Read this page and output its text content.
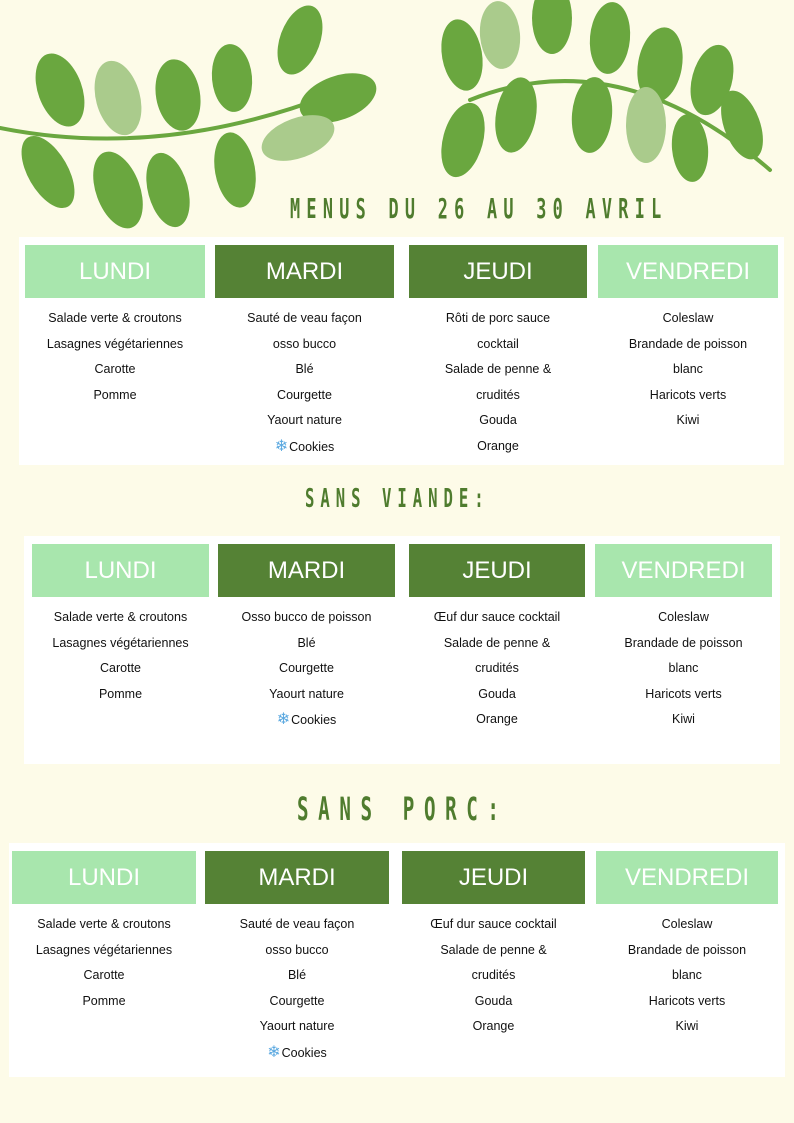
MENUS DU 26 AU 30 AVRIL
SANS VIANDE:
SANS PORC:
LUNDI
Salade verte & croutons
Lasagnes végétariennes
Carotte
Pomme
MARDI
Sauté de veau façon
osso bucco
Blé
Courgette
Yaourt nature
❄Cookies
JEUDI
Rôti de porc sauce
cocktail
Salade de penne &
crudités
Gouda
Orange
VENDREDI
Coleslaw
Brandade de poisson
blanc
Haricots verts
Kiwi
LUNDI
Salade verte & croutons
Lasagnes végétariennes
Carotte
Pomme
MARDI
Osso bucco de poisson
Blé
Courgette
Yaourt nature
❄Cookies
JEUDI
Œuf dur sauce cocktail
Salade de penne &
crudités
Gouda
Orange
VENDREDI
Coleslaw
Brandade de poisson
blanc
Haricots verts
Kiwi
LUNDI
Salade verte & croutons
Lasagnes végétariennes
Carotte
Pomme
MARDI
Sauté de veau façon
osso bucco
Blé
Courgette
Yaourt nature
❄Cookies
JEUDI
Œuf dur sauce cocktail
Salade de penne &
crudités
Gouda
Orange
VENDREDI
Coleslaw
Brandade de poisson
blanc
Haricots verts
Kiwi
